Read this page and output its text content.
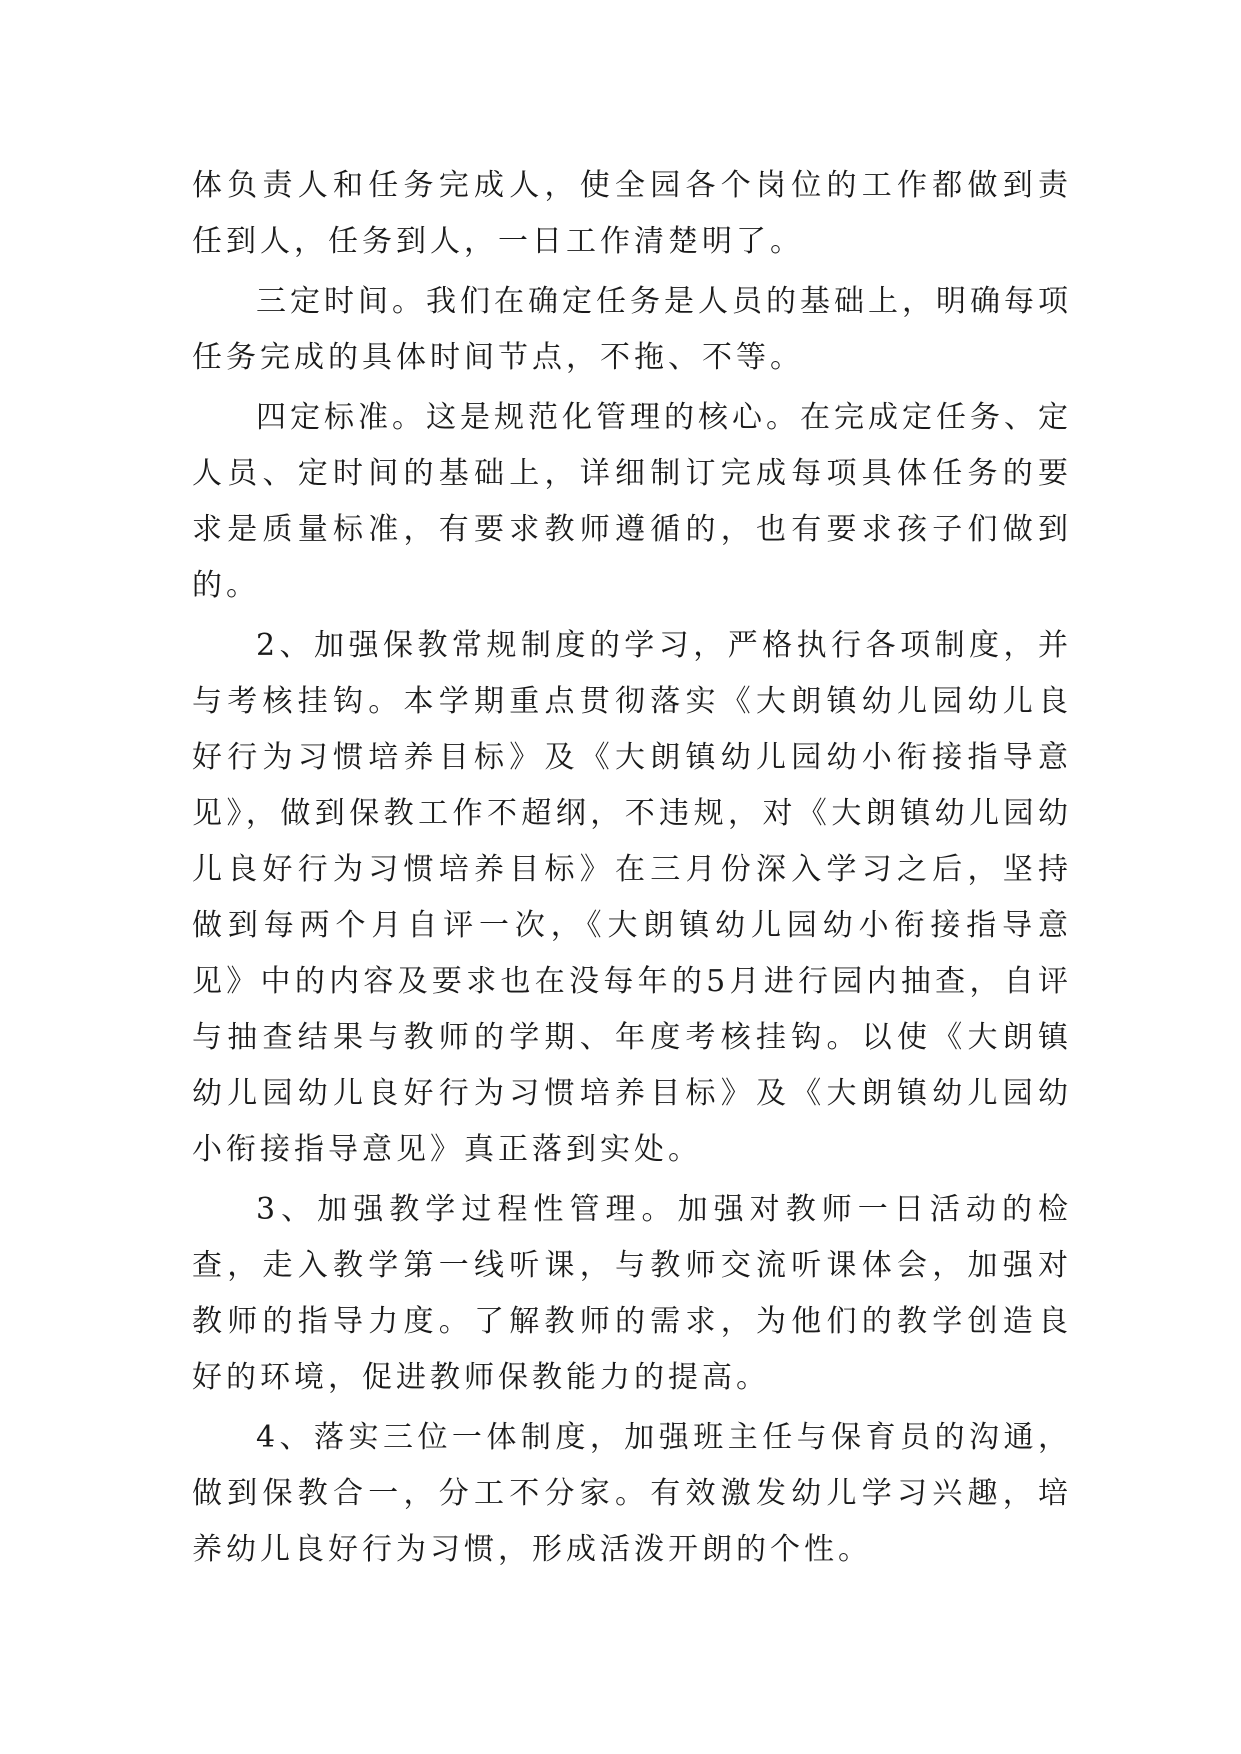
体负责人和任务完成人，使全园各个岗位的工作都做到责任到人，任务到人，一日工作清楚明了。

三定时间。我们在确定任务是人员的基础上，明确每项任务完成的具体时间节点，不拖、不等。

四定标准。这是规范化管理的核心。在完成定任务、定人员、定时间的基础上，详细制订完成每项具体任务的要求是质量标准，有要求教师遵循的，也有要求孩子们做到的。

2、加强保教常规制度的学习，严格执行各项制度，并与考核挂钩。本学期重点贯彻落实《大朗镇幼儿园幼儿良好行为习惯培养目标》及《大朗镇幼儿园幼小衔接指导意见》，做到保教工作不超纲，不违规，对《大朗镇幼儿园幼儿良好行为习惯培养目标》在三月份深入学习之后，坚持做到每两个月自评一次，《大朗镇幼儿园幼小衔接指导意见》中的内容及要求也在没每年的5月进行园内抽查，自评与抽查结果与教师的学期、年度考核挂钩。以使《大朗镇幼儿园幼儿良好行为习惯培养目标》及《大朗镇幼儿园幼小衔接指导意见》真正落到实处。

3、加强教学过程性管理。加强对教师一日活动的检查，走入教学第一线听课，与教师交流听课体会，加强对教师的指导力度。了解教师的需求，为他们的教学创造良好的环境，促进教师保教能力的提高。

4、落实三位一体制度，加强班主任与保育员的沟通，做到保教合一，分工不分家。有效激发幼儿学习兴趣，培养幼儿良好行为习惯，形成活泼开朗的个性。
